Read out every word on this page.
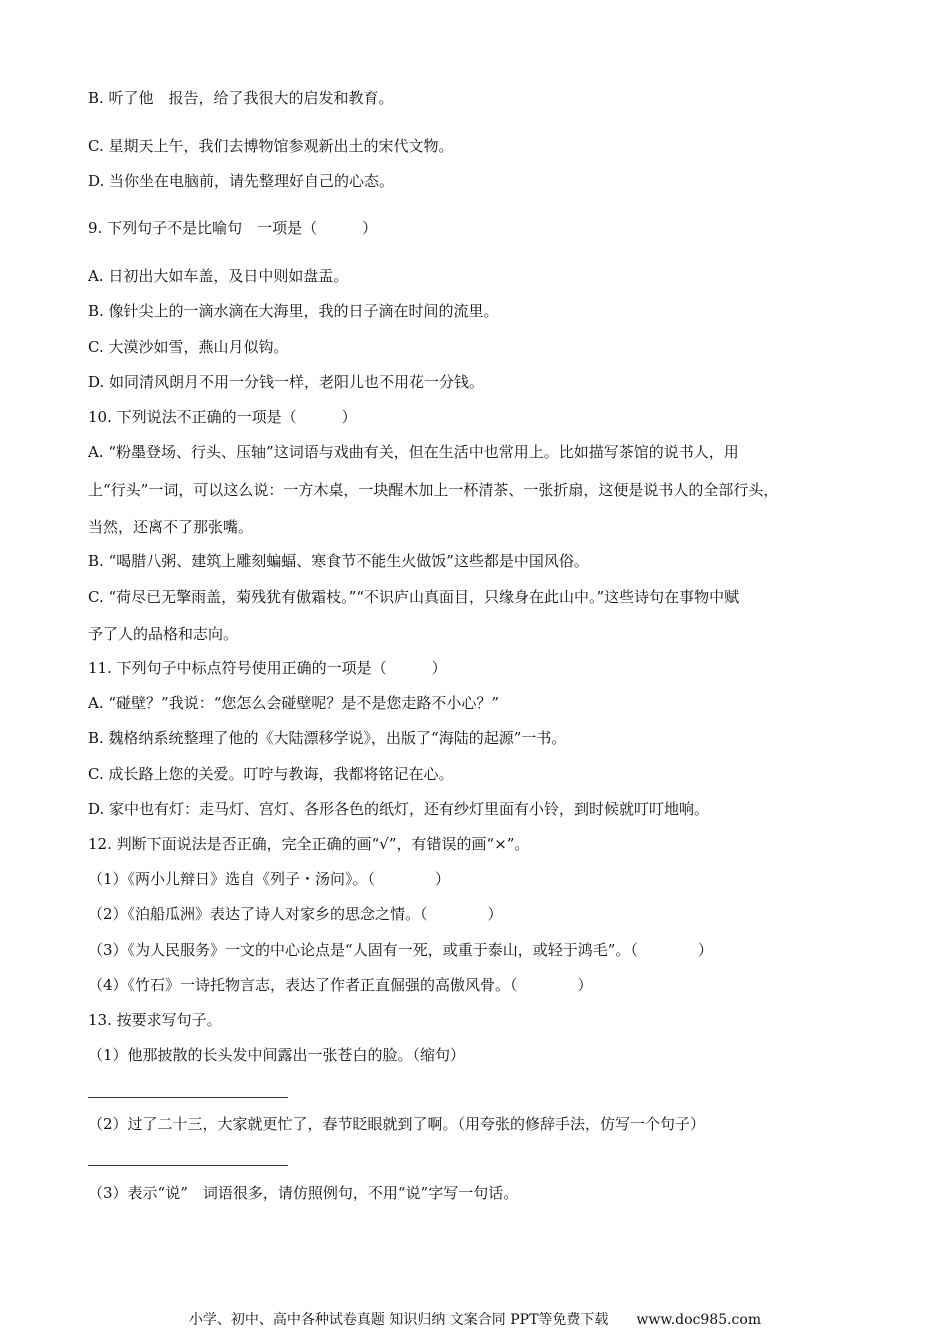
B. 听了他　报告，给了我很大的启发和教育。
C. 星期天上午，我们去博物馆参观新出土的宋代文物。
D. 当你坐在电脑前，请先整理好自己的心态。
9. 下列句子不是比喻句　一项是（　　　）
A. 日初出大如车盖，及日中则如盘盂。
B. 像针尖上的一滴水滴在大海里，我的日子滴在时间的流里。
C. 大漠沙如雪，燕山月似钩。
D. 如同清风朗月不用一分钱一样，老阳儿也不用花一分钱。
10. 下列说法不正确的一项是（　　　）
A. “粉墨登场、行头、压轴”这词语与戏曲有关，但在生活中也常用上。比如描写茶馆的说书人，用
上“行头”一词，可以这么说：一方木桌，一块醒木加上一杯清茶、一张折扇，这便是说书人的全部行头，
当然，还离不了那张嘴。
B. “喝腊八粥、建筑上雕刻蝙蝠、寒食节不能生火做饭”这些都是中国风俗。
C. “荷尽已无擎雨盖，菊残犹有傲霜枝。”“不识庐山真面目，只缘身在此山中。”这些诗句在事物中赋
予了人的品格和志向。
11. 下列句子中标点符号使用正确的一项是（　　　）
A. “碰壁？”我说：“您怎么会碰壁呢？是不是您走路不小心？”
B. 魏格纳系统整理了他的《大陆漂移学说》，出版了“海陆的起源”一书。
C. 成长路上您的关爱。叮咛与教诲，我都将铭记在心。
D. 家中也有灯：走马灯、宫灯、各形各色的纸灯，还有纱灯里面有小铃，到时候就叮叮地响。
12. 判断下面说法是否正确，完全正确的画“√”，有错误的画“×”。
（1）《两小儿辩日》选自《列子・汤问》。（　　　　）
（2）《泊船瓜洲》表达了诗人对家乡的思念之情。（　　　　）
（3）《为人民服务》一文的中心论点是“人固有一死，或重于泰山，或轻于鸿毛”。（　　　　）
（4）《竹石》一诗托物言志，表达了作者正直倔强的高傲风骨。（　　　　）
13. 按要求写句子。
（1）他那披散的长头发中间露出一张苍白的脸。（缩句）
（2）过了二十三，大家就更忙了，春节眨眼就到了啊。（用夸张的修辞手法，仿写一个句子）
（3）表示“说”　词语很多，请仿照例句，不用“说”字写一句话。
小学、初中、高中各种试卷真题 知识归纳 文案合同 PPT等免费下载　　www.doc985.com
